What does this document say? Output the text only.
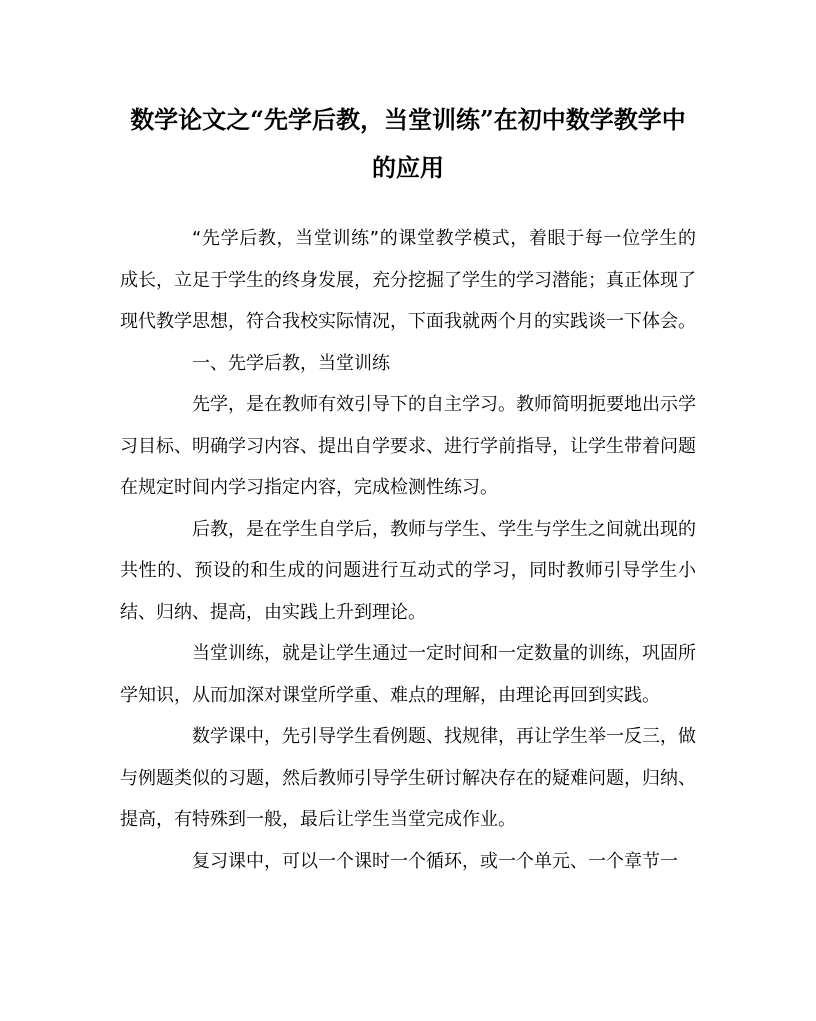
数学论文之“先学后教，当堂训练”在初中数学教学中
的应用

“先学后教，当堂训练”的课堂教学模式，着眼于每一位学生的成长，立足于学生的终身发展，充分挖掘了学生的学习潜能；真正体现了现代教学思想，符合我校实际情况，下面我就两个月的实践谈一下体会。

一、先学后教，当堂训练

先学，是在教师有效引导下的自主学习。教师简明扼要地出示学习目标、明确学习内容、提出自学要求、进行学前指导，让学生带着问题在规定时间内学习指定内容，完成检测性练习。

后教，是在学生自学后，教师与学生、学生与学生之间就出现的共性的、预设的和生成的问题进行互动式的学习，同时教师引导学生小结、归纳、提高，由实践上升到理论。

当堂训练，就是让学生通过一定时间和一定数量的训练，巩固所学知识，从而加深对课堂所学重、难点的理解，由理论再回到实践。

数学课中，先引导学生看例题、找规律，再让学生举一反三，做与例题类似的习题，然后教师引导学生研讨解决存在的疑难问题，归纳、提高，有特殊到一般，最后让学生当堂完成作业。

复习课中，可以一个课时一个循环，或一个单元、一个章节一
